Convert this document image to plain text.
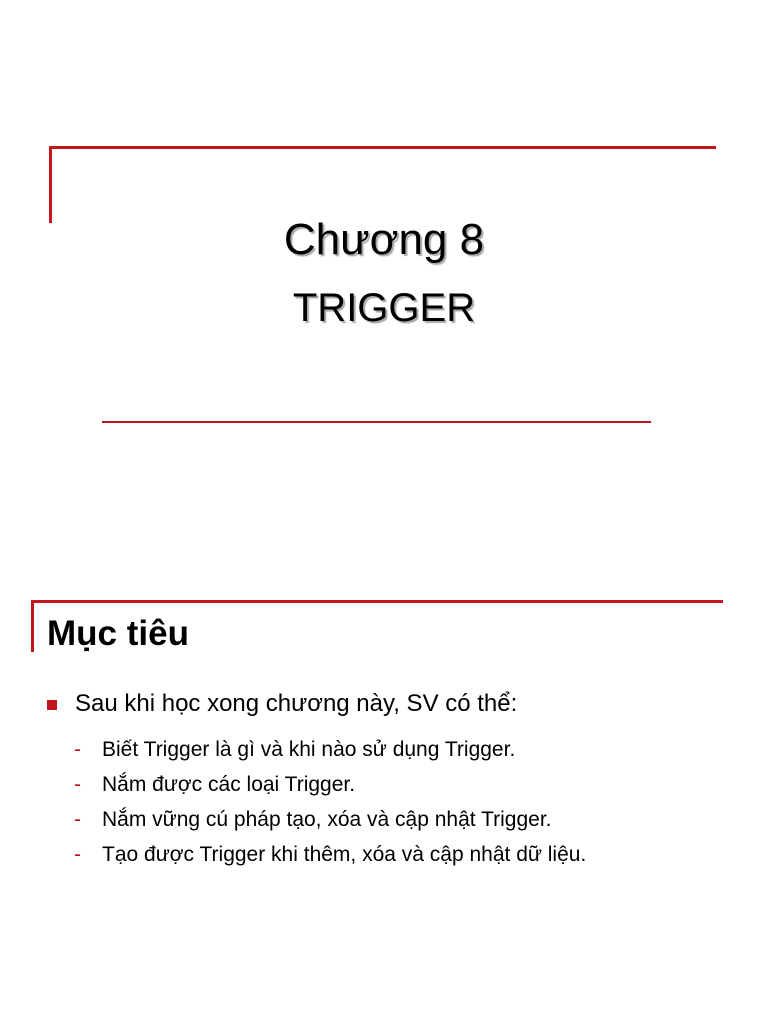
Chương 8
TRIGGER
Mục tiêu
Sau khi học xong chương này, SV có thể:
-	Biết Trigger là gì và khi nào sử dụng Trigger.
-	Nắm được các loại Trigger.
-	Nắm vững cú pháp tạo, xóa và cập nhật Trigger.
-	Tạo được Trigger khi thêm, xóa và cập nhật dữ liệu.
